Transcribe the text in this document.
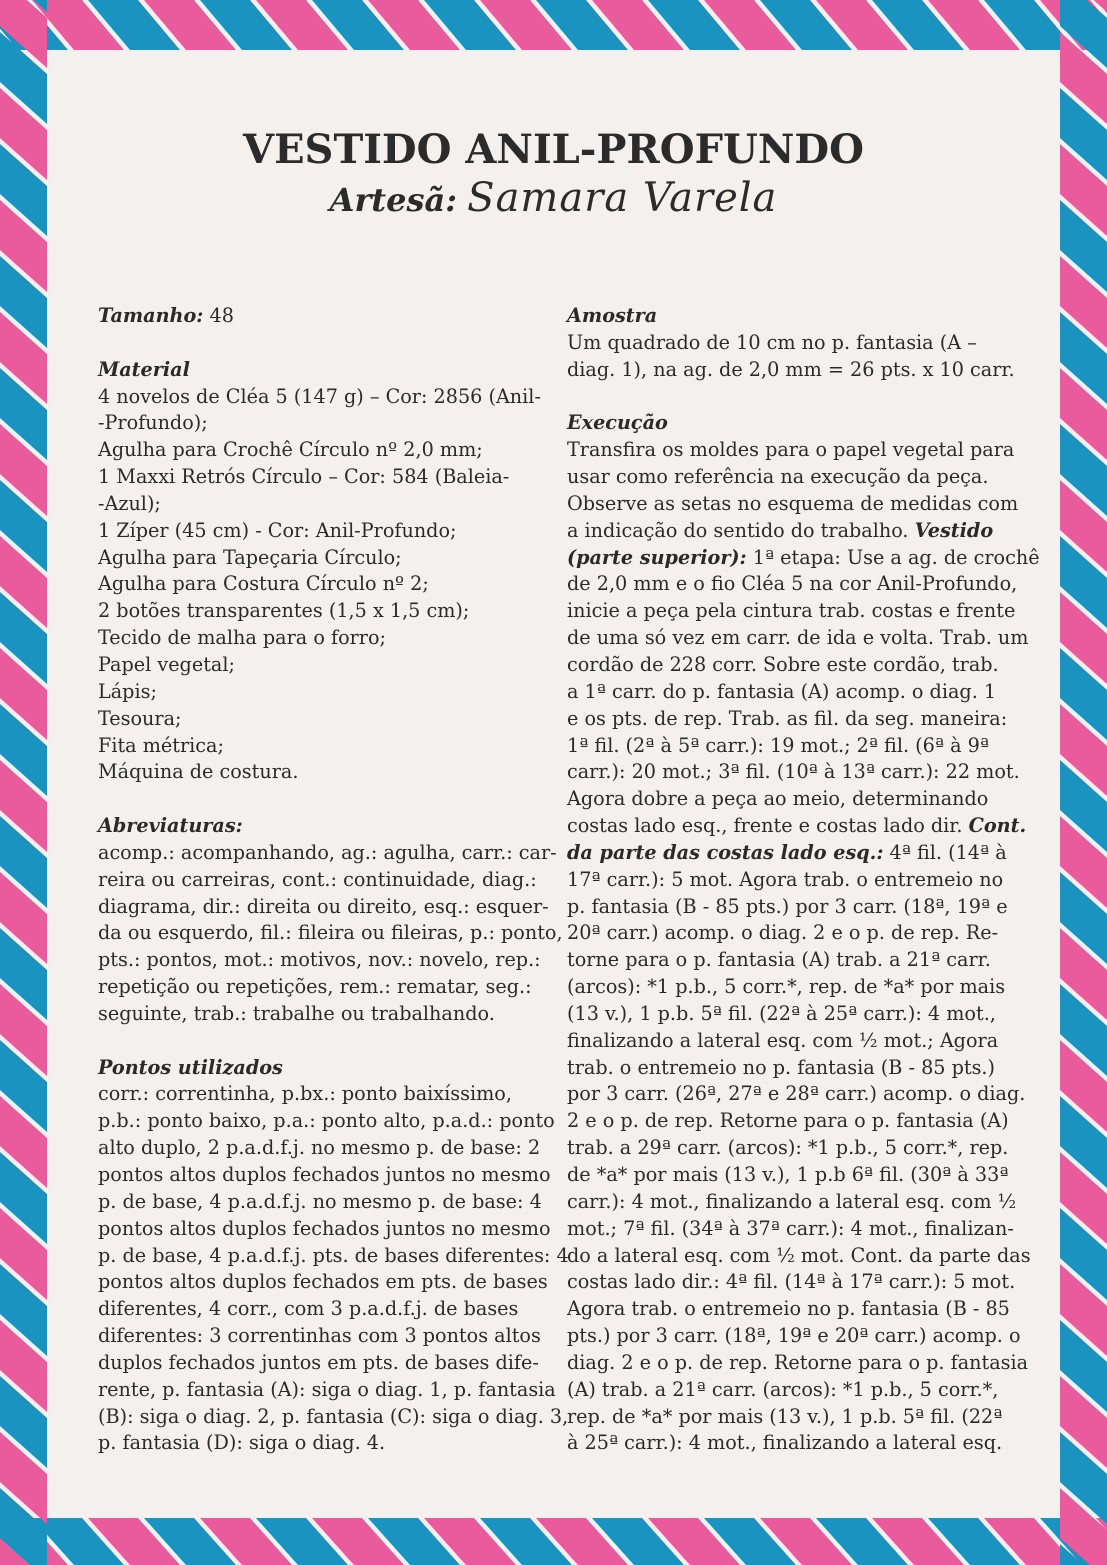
VESTIDO ANIL-PROFUNDO
Artesã: Samara Varela
Tamanho: 48
Material
4 novelos de Cléa 5 (147 g) – Cor: 2856 (Anil-
-Profundo);
Agulha para Crochê Círculo nº 2,0 mm;
1 Maxxi Retrós Círculo – Cor: 584 (Baleia-
-Azul);
1 Zíper (45 cm) - Cor: Anil-Profundo;
Agulha para Tapeçaria Círculo;
Agulha para Costura Círculo nº 2;
2 botões transparentes (1,5 x 1,5 cm);
Tecido de malha para o forro;
Papel vegetal;
Lápis;
Tesoura;
Fita métrica;
Máquina de costura.
Abreviaturas:
acomp.: acompanhando, ag.: agulha, carr.: car-
reira ou carreiras, cont.: continuidade, diag.:
diagrama, dir.: direita ou direito, esq.: esquer-
da ou esquerdo, fil.: fileira ou fileiras, p.: ponto,
pts.: pontos, mot.: motivos, nov.: novelo, rep.:
repetição ou repetições, rem.: rematar, seg.:
seguinte, trab.: trabalhe ou trabalhando.
Pontos utilizados
corr.: correntinha, p.bx.: ponto baixíssimo,
p.b.: ponto baixo, p.a.: ponto alto, p.a.d.: ponto
alto duplo, 2 p.a.d.f.j. no mesmo p. de base: 2
pontos altos duplos fechados juntos no mesmo
p. de base, 4 p.a.d.f.j. no mesmo p. de base: 4
pontos altos duplos fechados juntos no mesmo
p. de base, 4 p.a.d.f.j. pts. de bases diferentes: 4
pontos altos duplos fechados em pts. de bases
diferentes, 4 corr., com 3 p.a.d.f.j. de bases
diferentes: 3 correntinhas com 3 pontos altos
duplos fechados juntos em pts. de bases dife-
rente, p. fantasia (A): siga o diag. 1, p. fantasia
(B): siga o diag. 2, p. fantasia (C): siga o diag. 3,
p. fantasia (D): siga o diag. 4.
Amostra
Um quadrado de 10 cm no p. fantasia (A –
diag. 1), na ag. de 2,0 mm = 26 pts. x 10 carr.
Execução
Transfira os moldes para o papel vegetal para
usar como referência na execução da peça.
Observe as setas no esquema de medidas com
a indicação do sentido do trabalho. Vestido
(parte superior): 1ª etapa: Use a ag. de crochê
de 2,0 mm e o fio Cléa 5 na cor Anil-Profundo,
inicie a peça pela cintura trab. costas e frente
de uma só vez em carr. de ida e volta. Trab. um
cordão de 228 corr. Sobre este cordão, trab.
a 1ª carr. do p. fantasia (A) acomp. o diag. 1
e os pts. de rep. Trab. as fil. da seg. maneira:
1ª fil. (2ª à 5ª carr.): 19 mot.; 2ª fil. (6ª à 9ª
carr.): 20 mot.; 3ª fil. (10ª à 13ª carr.): 22 mot.
Agora dobre a peça ao meio, determinando
costas lado esq., frente e costas lado dir. Cont.
da parte das costas lado esq.: 4ª fil. (14ª à
17ª carr.): 5 mot. Agora trab. o entremeio no
p. fantasia (B - 85 pts.) por 3 carr. (18ª, 19ª e
20ª carr.) acomp. o diag. 2 e o p. de rep. Re-
torne para o p. fantasia (A) trab. a 21ª carr.
(arcos): *1 p.b., 5 corr.*, rep. de *a* por mais
(13 v.), 1 p.b. 5ª fil. (22ª à 25ª carr.): 4 mot.,
finalizando a lateral esq. com ½ mot.; Agora
trab. o entremeio no p. fantasia (B - 85 pts.)
por 3 carr. (26ª, 27ª e 28ª carr.) acomp. o diag.
2 e o p. de rep. Retorne para o p. fantasia (A)
trab. a 29ª carr. (arcos): *1 p.b., 5 corr.*, rep.
de *a* por mais (13 v.), 1 p.b 6ª fil. (30ª à 33ª
carr.): 4 mot., finalizando a lateral esq. com ½
mot.; 7ª fil. (34ª à 37ª carr.): 4 mot., finalizan-
do a lateral esq. com ½ mot. Cont. da parte das
costas lado dir.: 4ª fil. (14ª à 17ª carr.): 5 mot.
Agora trab. o entremeio no p. fantasia (B - 85
pts.) por 3 carr. (18ª, 19ª e 20ª carr.) acomp. o
diag. 2 e o p. de rep. Retorne para o p. fantasia
(A) trab. a 21ª carr. (arcos): *1 p.b., 5 corr.*,
rep. de *a* por mais (13 v.), 1 p.b. 5ª fil. (22ª
à 25ª carr.): 4 mot., finalizando a lateral esq.
